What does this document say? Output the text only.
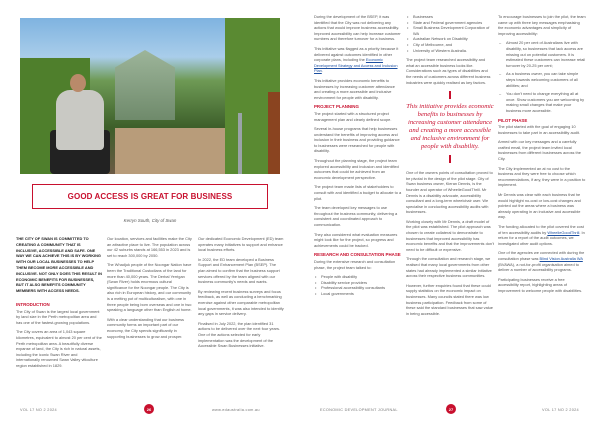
GOOD ACCESS IS GREAT FOR BUSINESS
Kerryn South, City of Swan

THE CITY OF SWAN IS COMMITTED TO CREATING A COMMUNITY THAT IS INCLUSIVE, ACCESSIBLE AND SAFE. ONE WAY WE CAN ACHIEVE THIS IS BY WORKING WITH OUR LOCAL BUSINESSES TO HELP THEM BECOME MORE ACCESSIBLE AND INCLUSIVE. NOT ONLY DOES THIS RESULT IN ECONOMIC BENEFITS FOR BUSINESSES, BUT IT ALSO BENEFITS COMMUNITY MEMBERS WITH ACCESS NEEDS.

INTRODUCTION

The City of Swan is the largest local government by land size in the Perth metropolitan area and has one of the fastest-growing populations.

The City covers an area of 1,043 square kilometres, equivalent to almost 20 per cent of the Perth metropolitan area. A beautifully diverse expanse of land, the City is rich in natural assets, including the iconic Swan River and internationally renowned Swan Valley viticulture region established in 1829.

Our location, services and facilities make the City an attractive place to live. The population across our 42 suburbs stands at 166,553 in 2023 and is set to reach 300,000 by 2050.

The Whadjuk people of the Noongar Nation have been the Traditional Custodians of the land for more than 40,000 years. The Derbal Yerrigan (Swan River) holds enormous cultural significance for the Noongar people. The City is also rich in European history, and our community is a melting pot of multiculturalism, with one in three people being born overseas and one in two speaking a language other than English at home.

With a clear understanding that our business community forms an important part of our economy, the City spends significantly in supporting businesses to grow and prosper.

Our dedicated Economic Development (ED) team operates many initiatives to support and enhance local business efforts.

In 2022, the ED team developed a Business Support and Enhancement Plan (BSEP). The plan aimed to confirm that the business support services offered by the team aligned with our business community's needs and wants.

By reviewing recent business surveys and focus feedback, as well as conducting a benchmarking exercise against other comparable metropolitan local governments, it was also intended to identify any gaps in service delivery.

Finalised in July 2022, the plan identified 31 actions to be delivered over the next four years. One of the actions selected for early implementation was the development of the Accessible Swan Businesses initiative.

VOL 17 NO 2 2024	26	www.edaustralia.com.au

During the development of the BSEP, it was identified that the City was not delivering any actions that would improve business accessibility. Improved accessibility can help increase customer numbers and therefore turnover for a business.

This initiative was flagged as a priority because it delivered against outcomes identified in other corporate plans, including the Economic Development Strategy and Access and Inclusion Plan.

This initiative provides economic benefits to businesses by increasing customer attendance and creating a more accessible and inclusive environment for people with disability.

PROJECT PLANNING

The project started with a structured project management plan and clearly defined scope.

Several in-house programs that help businesses understand the benefits of improving access and inclusion in their business and providing guidance to businesses were researched for people with disability.

Throughout the planning stage, the project team explored accessibility and inclusion and identified outcomes that could be achieved from an economic development perspective.

The project team made lists of stakeholders to consult with and identified a budget to allocate to a pilot.

The team developed key messages to use throughout the business community, delivering a consistent and coordinated approach to communication.

They also considered what evaluation measures might look like for the project, so progress and achievements could be tracked.

RESEARCH AND CONSULTATION PHASE

During the extensive research and consultation phase, the project team talked to:

• People with disability
• Disability service providers
• Professional accessibility consultants
• Local governments
• Businesses
• State and Federal government agencies
• Small Business Development Corporation of WA
• Australian Network on Disability
• City of Melbourne, and
• University of Western Australia.

The project team researched accessibility and what an accessible business looks like. Considerations such as types of disabilities and the needs of customers across different business industries were quickly realised as key factors.

This initiative provides economic benefits to businesses by increasing customer attendance and creating a more accessible and inclusive environment for people with disability.

One of the owners points of consultation proved to be pivotal in the design of the pilot stage. City of Swan business owner, Kieran Dennis, is the founder and operator of WheelieGoodThrill. Mr Dennis is a disability advocate, accessibility consultant and a long-term wheelchair user. We specialise in conducting accessibility audits with businesses.

Working closely with Mr Dennis, a draft model of the pilot was established. The pilot approach was chosen to create collateral to demonstrate to businesses that improved accessibility has economic benefits and that the improvements don't need to be difficult or expensive.

Through the consultation and research stage, we realised that many local governments from other states had already implemented a similar initiative across their respective business communities.

However, further enquiries found that these could supply statistics on the economic impact on businesses. Many councils stated there was low business participation. Feedback from some of these said the standard businesses that saw value in being accessible.

To encourage businesses to join the pilot, the team came up with three key messages emphasising the economic advantages and simplicity of improving accessibility:

– Almost 20 per cent of Australians live with disability, so businesses that lack access are missing out on potential customers. It is estimated these customers can increase retail turnover by 20-25 per cent;
– As a business owner, you can take simple steps towards welcoming customers of all abilities; and
– You don't need to change everything all at once. Show customers you are welcoming by making small changes that make your business more accessible.
PILOT PHASE

The pilot started with the goal of engaging 10 businesses to take part in an accessibility audit.

Armed with our key messages and a carefully crafted email, the project team invited local businesses from different businesses across the City.

The City implemented an at no cost to the business and they were free to choose which recommendations, if any, they were in a position to implement.

Mr Dennis was clear with each business that he would highlight no-cost or low-cost changes and pointed out the areas where a business was already operating in an inclusive and accessible way.

The funding allocated to the pilot covered the cost of ten accessibility audits by WheelieGoodThrill. In return for a report of the audit outcomes, we investigated other audit options.

One of the agencies we connected with during the consultation phase was Blind Vision Australia WA (BVAWA), a not-for-profit organisation aimed to deliver a number of accessibility programs.

Participating businesses receive a free accessibility report, highlighting areas of improvement to welcome people with disabilities.

ECONOMIC DEVELOPMENT JOURNAL	27	VOL 17 NO 2 2024
